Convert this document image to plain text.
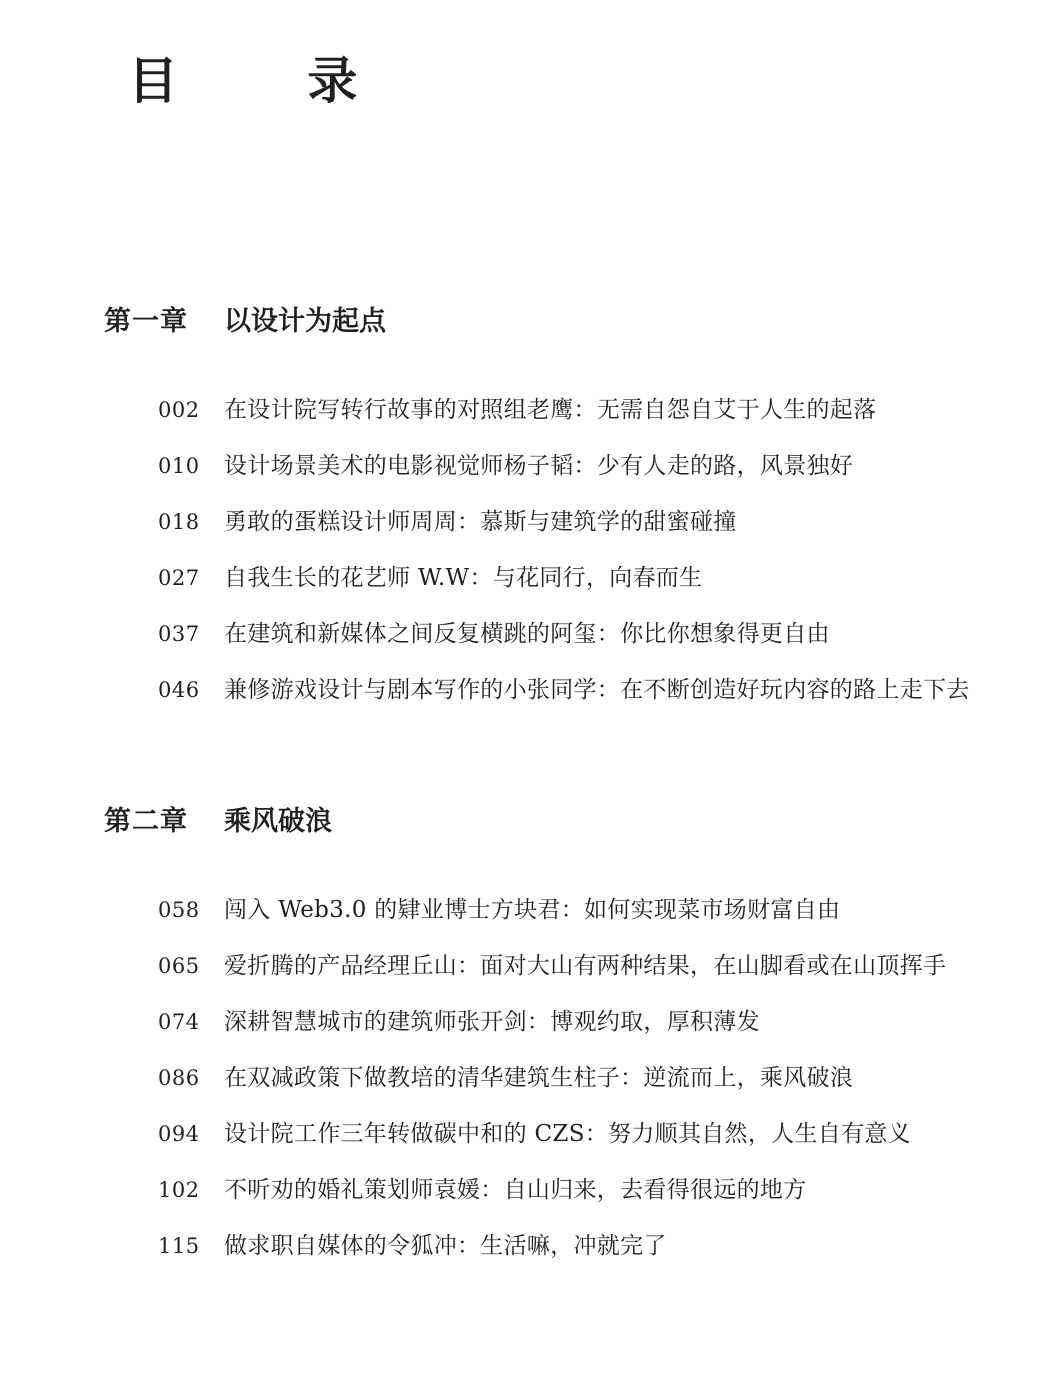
目 录
第一章 以设计为起点
002	在设计院写转行故事的对照组老鹰：无需自怨自艾于人生的起落
010	设计场景美术的电影视觉师杨子韬：少有人走的路，风景独好
018	勇敢的蛋糕设计师周周：慕斯与建筑学的甜蜜碰撞
027	自我生长的花艺师 W.W：与花同行，向春而生
037	在建筑和新媒体之间反复横跳的阿玺：你比你想象得更自由
046	兼修游戏设计与剧本写作的小张同学：在不断创造好玩内容的路上走下去
第二章 乘风破浪
058	闯入 Web3.0 的肄业博士方块君：如何实现菜市场财富自由
065	爱折腾的产品经理丘山：面对大山有两种结果，在山脚看或在山顶挥手
074	深耕智慧城市的建筑师张开剑：博观约取，厚积薄发
086	在双减政策下做教培的清华建筑生柱子：逆流而上，乘风破浪
094	设计院工作三年转做碳中和的 CZS：努力顺其自然，人生自有意义
102	不听劝的婚礼策划师袁媛：自山归来，去看得很远的地方
115	做求职自媒体的令狐冲：生活嘛，冲就完了
